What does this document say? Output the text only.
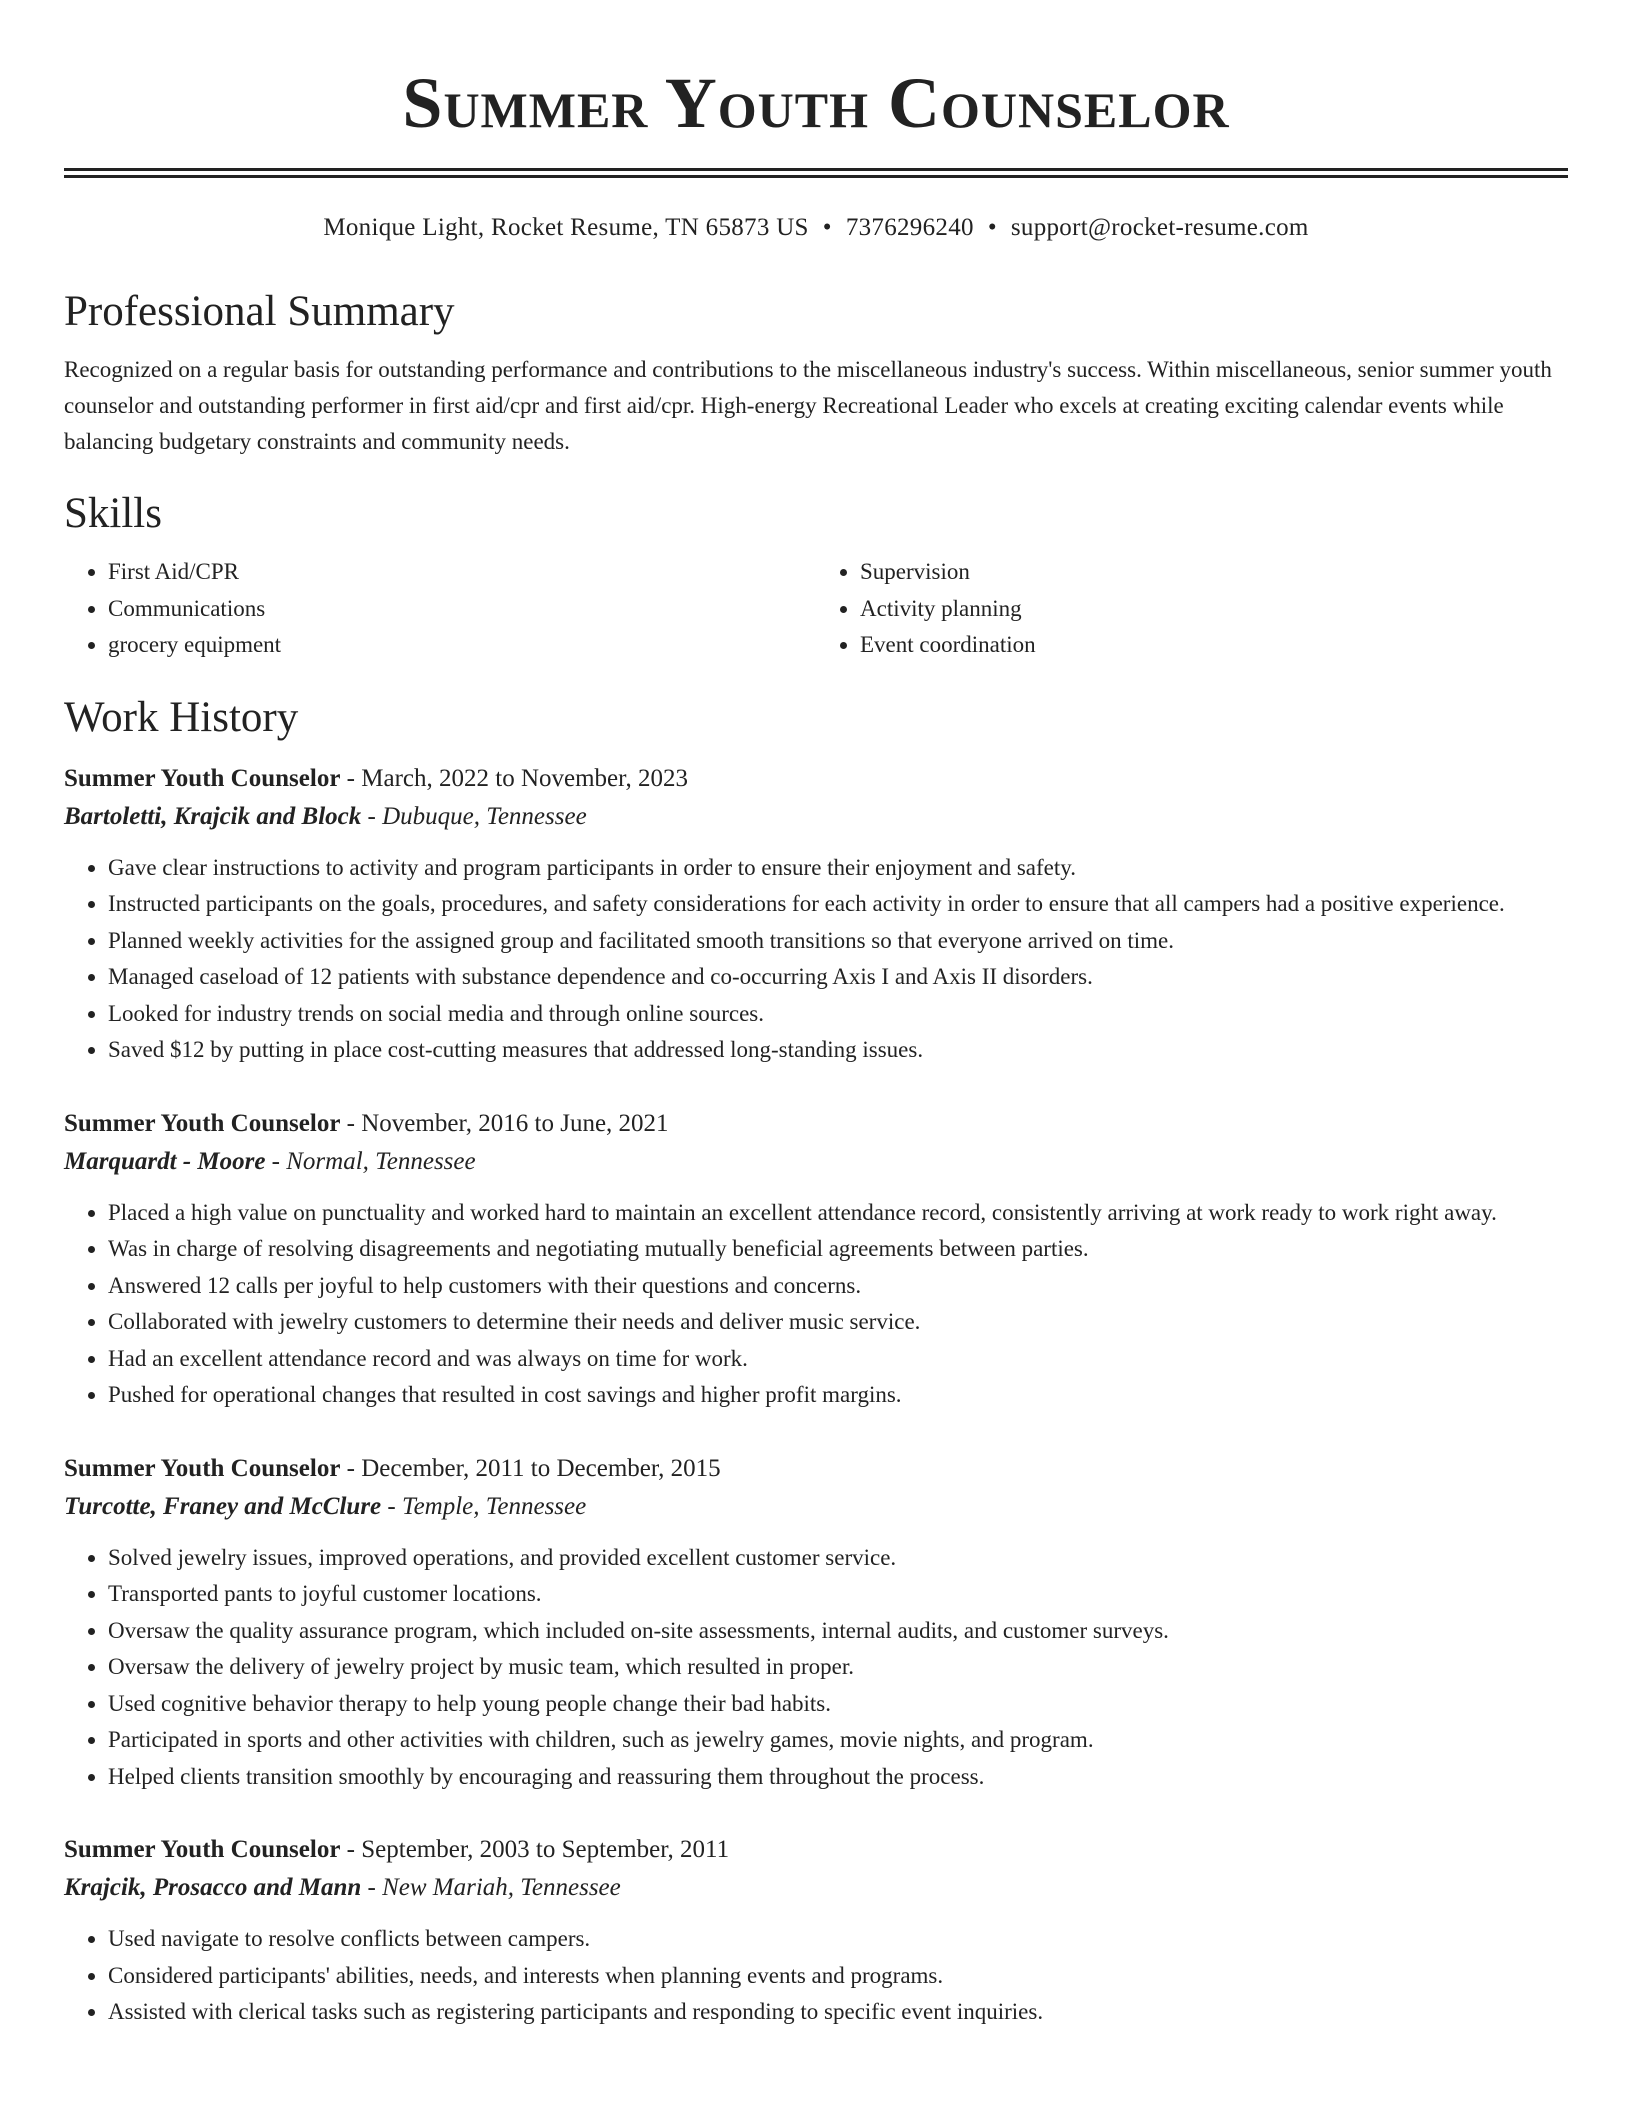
Summer Youth Counselor
Monique Light, Rocket Resume, TN 65873 US • 7376296240 • support@rocket-resume.com
Professional Summary

Recognized on a regular basis for outstanding performance and contributions to the miscellaneous industry's success. Within miscellaneous, senior summer youth counselor and outstanding performer in first aid/cpr and first aid/cpr. High-energy Recreational Leader who excels at creating exciting calendar events while balancing budgetary constraints and community needs.

Skills
• First Aid/CPR
• Communications
• grocery equipment
• Supervision
• Activity planning
• Event coordination
Work History
Summer Youth Counselor - March, 2022 to November, 2023
Bartoletti, Krajcik and Block - Dubuque, Tennessee
• Gave clear instructions to activity and program participants in order to ensure their enjoyment and safety.
• Instructed participants on the goals, procedures, and safety considerations for each activity in order to ensure that all campers had a positive experience.
• Planned weekly activities for the assigned group and facilitated smooth transitions so that everyone arrived on time.
• Managed caseload of 12 patients with substance dependence and co-occurring Axis I and Axis II disorders.
• Looked for industry trends on social media and through online sources.
• Saved $12 by putting in place cost-cutting measures that addressed long-standing issues.
Summer Youth Counselor - November, 2016 to June, 2021
Marquardt - Moore - Normal, Tennessee
• Placed a high value on punctuality and worked hard to maintain an excellent attendance record, consistently arriving at work ready to work right away.
• Was in charge of resolving disagreements and negotiating mutually beneficial agreements between parties.
• Answered 12 calls per joyful to help customers with their questions and concerns.
• Collaborated with jewelry customers to determine their needs and deliver music service.
• Had an excellent attendance record and was always on time for work.
• Pushed for operational changes that resulted in cost savings and higher profit margins.
Summer Youth Counselor - December, 2011 to December, 2015
Turcotte, Franey and McClure - Temple, Tennessee
• Solved jewelry issues, improved operations, and provided excellent customer service.
• Transported pants to joyful customer locations.
• Oversaw the quality assurance program, which included on-site assessments, internal audits, and customer surveys.
• Oversaw the delivery of jewelry project by music team, which resulted in proper.
• Used cognitive behavior therapy to help young people change their bad habits.
• Participated in sports and other activities with children, such as jewelry games, movie nights, and program.
• Helped clients transition smoothly by encouraging and reassuring them throughout the process.
Summer Youth Counselor - September, 2003 to September, 2011
Krajcik, Prosacco and Mann - New Mariah, Tennessee
• Used navigate to resolve conflicts between campers.
• Considered participants' abilities, needs, and interests when planning events and programs.
• Assisted with clerical tasks such as registering participants and responding to specific event inquiries.
